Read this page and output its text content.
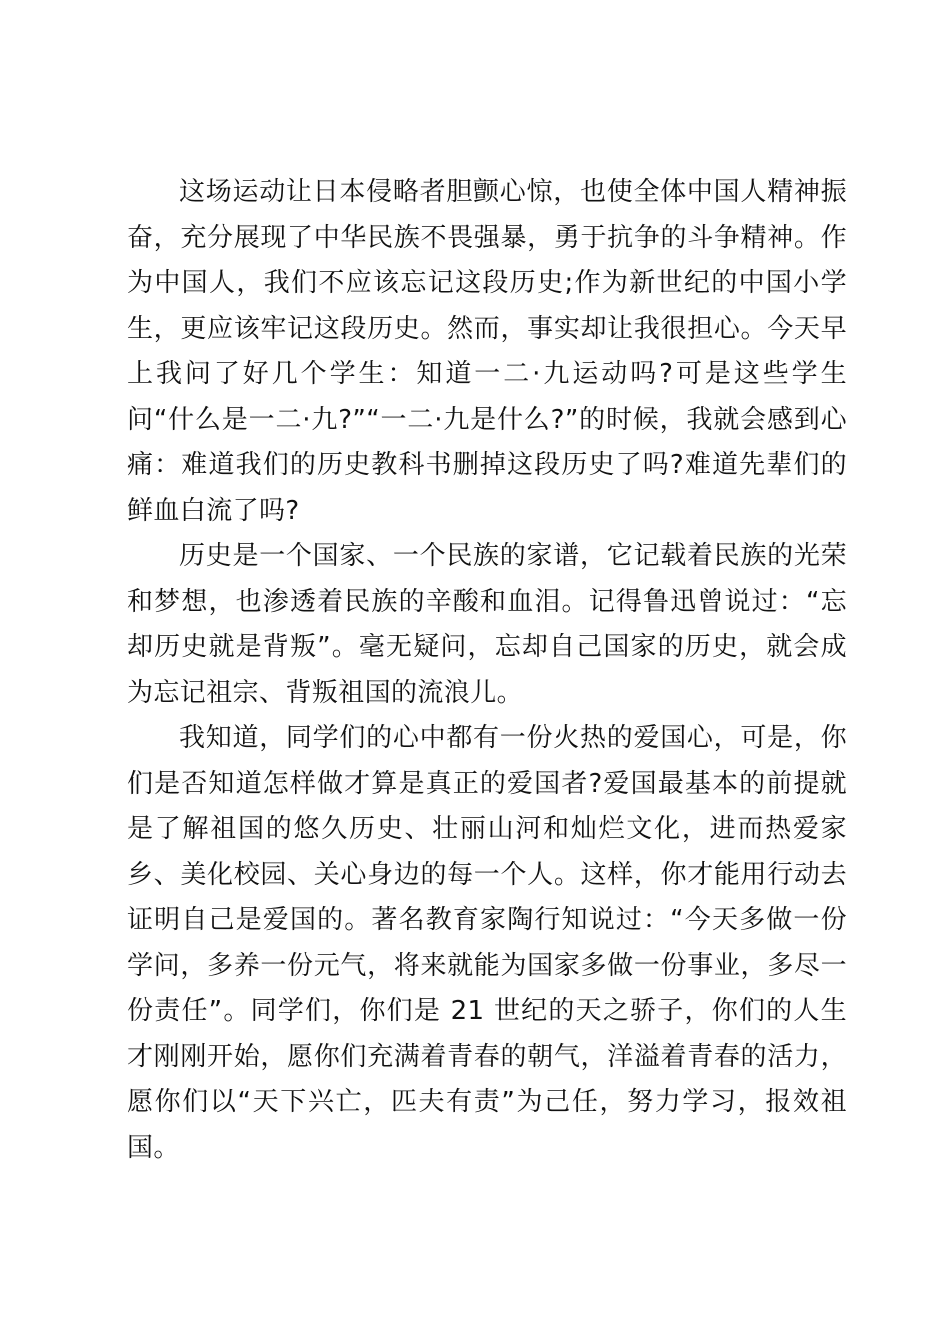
这场运动让日本侵略者胆颤心惊，也使全体中国人精神振奋，充分展现了中华民族不畏强暴，勇于抗争的斗争精神。作为中国人，我们不应该忘记这段历史;作为新世纪的中国小学生，更应该牢记这段历史。然而，事实却让我很担心。今天早上我问了好几个学生：知道一二·九运动吗?可是这些学生问“什么是一二·九?”“一二·九是什么?”的时候，我就会感到心痛：难道我们的历史教科书删掉这段历史了吗?难道先辈们的鲜血白流了吗?

历史是一个国家、一个民族的家谱，它记载着民族的光荣和梦想，也渗透着民族的辛酸和血泪。记得鲁迅曾说过：“忘却历史就是背叛”。毫无疑问，忘却自己国家的历史，就会成为忘记祖宗、背叛祖国的流浪儿。

我知道，同学们的心中都有一份火热的爱国心，可是，你们是否知道怎样做才算是真正的爱国者?爱国最基本的前提就是了解祖国的悠久历史、壮丽山河和灿烂文化，进而热爱家乡、美化校园、关心身边的每一个人。这样，你才能用行动去证明自己是爱国的。著名教育家陶行知说过：“今天多做一份学问，多养一份元气，将来就能为国家多做一份事业，多尽一份责任”。同学们，你们是 21 世纪的天之骄子，你们的人生才刚刚开始，愿你们充满着青春的朝气，洋溢着青春的活力，愿你们以“天下兴亡，匹夫有责”为己任，努力学习，报效祖国。
